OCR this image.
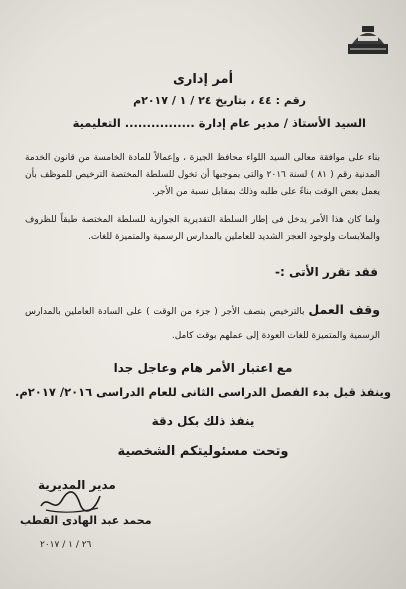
أمر إدارى
رقم : ٤٤ ، بتاريخ ٢٤ / ١ / ٢٠١٧م
السيد الأستاذ / مدير عام إدارة ................ التعليمية
بناء على موافقة معالى السيد اللواء محافظ الجيزة ، وإعمالاً للمادة الخامسة من قانون الخدمة المدنية رقم ( ٨١ ) لسنة ٢٠١٦ والتى بموجبها أن تخول للسلطة المختصة الترخيص للموظف بأن يعمل بعض الوقت بناءً على طلبه وذلك بمقابل نسبة من الأجر.
ولما كان هذا الأمر يدخل فى إطار السلطة التقديرية الجوازية للسلطة المختصة طبقاً للظروف والملابسات ولوجود العجز الشديد للعاملين بالمدارس الرسمية والمتميزة للغات.
فقد تقرر الأتى :-
وقف العمل بالترخيص بنصف الأجر ( جزء من الوقت ) على السادة العاملين بالمدارس الرسمية والمتميزة للغات العودة إلى عملهم بوقت كامل.
مع اعتبار الأمر هام وعاجل جدا
وينفذ قبل بدء الفصل الدراسى الثانى للعام الدراسى ٢٠١٦/ ٢٠١٧م.
ينفذ ذلك بكل دقة
وتحت مسئوليتكم الشخصية
مدير المديرية
محمد عبد الهادى القطب
٢٦ / ١ / ٢٠١٧
